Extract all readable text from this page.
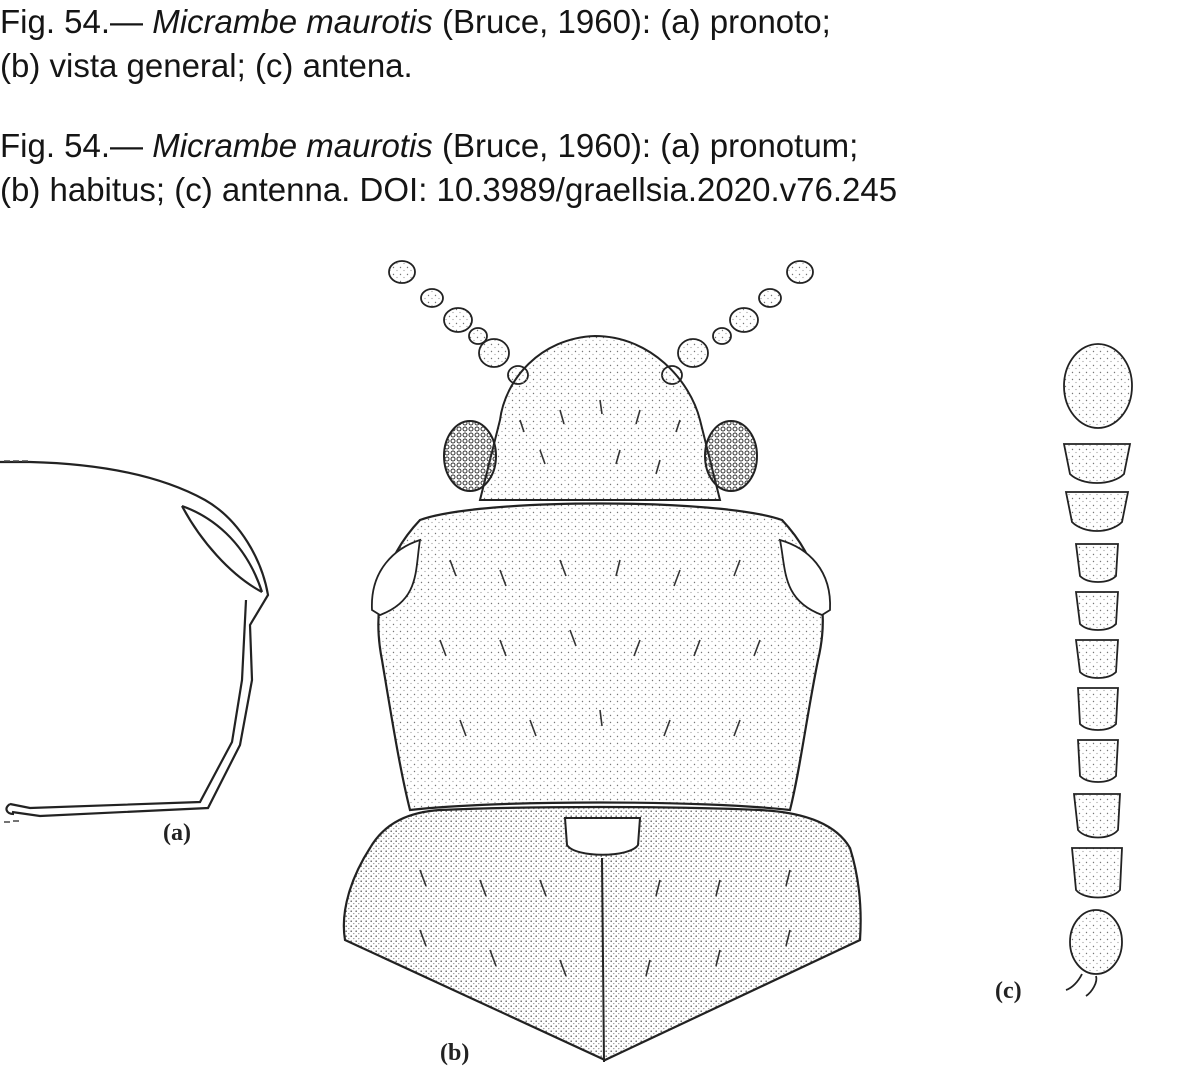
Fig. 54.— Micrambe maurotis (Bruce, 1960): (a) pronoto;
(b) vista general; (c) antena.
Fig. 54.— Micrambe maurotis (Bruce, 1960): (a) pronotum;
(b) habitus; (c) antenna. DOI: 10.3989/graellsia.2020.v76.245
(a)
(b)
(c)
